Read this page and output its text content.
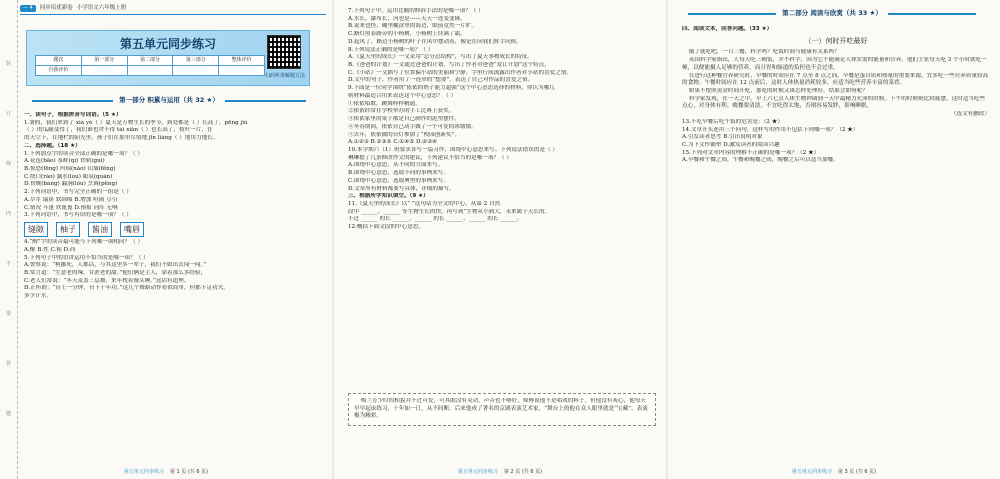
装
订
线
内
不
要
答
题
— 4	同步培优新卷 小学语文六年级上册
第五单元同步练习
题次	第一部分	第二部分	第三部分	整体评价
自我评价				
扫码听讲解题方法
第一部分 积累与运用（共 32 ★）

一、读句子，根据拼音写词语。（5 ★）

1.暑假，我们来到了 xià yè（ ）夏天是万物生长的季节，到处都是（ ）长高了，pēng jiù

（ ）的瓜藤变得了，我们谁也舍不得 tài xiǎn（ ）也长高了，枝叶一片，在

的天空下，在地栏的阳光里，孩子们在那里尽情地 jīn liàng（ ）地用力地长。

二、选择题。（18 ★）

1.下列加点字的读音全部正确的是哪一项？（ ）

A.花苞(bāo) 茶畦(qí) 铁轨(guǐ)

B.惊恐(fēng) 玛瑙(nǎo) 山墙(fēng)

C.绕口(rǎo) 露水(lòu) 眼泉(quán)

D.傍晚(bàng) 漏洞(lòu) 烹调(pēng)

2.下列词语中，书写完全正确的一组是（ ）

A.草萃 瑞鼻 软绵绵 B.增加 喧闹 豆引

C.情况 斗蓬 铁篦篦 D.预报 词库 无响

3.下列词语中，书写有误的是哪一项？（ ）

缝隙	柚子	酱油	嘴唇

4.“醒”字的读音最可能与下列哪一项相同？（ ）

A.醒 B.性 C.猩 D.西

5.下列句子中的语讲运用不恰当的是哪一项？（ ）

A.警察说：“柯挪死，人都活，与其这里多一辈子，我们不如出去闯一闯。”

B.常言道：“生意老的辣，甘蔗老的甜。”他们俩是主人，靠着那么多经验，

C.老人们常说：“冬天麦盖三层被，来年枕着馒头睡。”这话有道理。

D.正所谓：“台上一分钟，台下十年功。”这几个舞蹈动作看似简单，但都下足功夫，

多少汗水。

第五单元同步练习 第 1 页 (共 6 页)

7.下列句子中，运用比喻的修辞手法的是哪一项？（ ）

A.水长，瀑布长，河也是——天天一连变变隆。

B.说来也怪，糊里糊涂里的海边，眼前竟然一片旷。

C.路灯照着路旁的小杨树，小杨树上挂满了霜。

D.起风了，路边小杨树的叶子在风中摆动着，像是在向我们挥手问候。

8.下列说法正确的是哪一项？（ ）

A.《夏天里的成长》一文采用“总分总结构”，写出了夏天事物成长的特征。

B.《爸爸的计划》一文通过爸爸的计划，写出了作者对爸爸“爱订计划”这个特点。

C.《小站》一文描写了位置偏小站的美丽和宁静，字里行间流露出作者对小站的喜爱之情。

D.文中的句子，作者用了一连串的“想要”，表达了自己对作品的喜爱之情。

9.下面是一位同学围绕“依依的奶子能力超强”这个中心意思选择的材料，你认为哪几

则材料最适合用来表达这个中心意思？（ ）

①依依唱歌，跳舞样样精通。

②依依经常在学校举办的手工比赛上获奖。

③依依家里的桌子都是自己制作的泥塑摆件。

④冬春期间，依依自己动手做了一个可爱的冰墩墩。

⑤去年，依依做的台灯参加了“校园创新奖”。

A.①②③ B.②③⑤ C.①④⑤ D.②③④

10.本学期六（1）班要求各写一篇习作，围绕中心意思来写。下列说法错误的是（ ）

琳琳提了几条修改作文的建议，下列建议不恰当的是哪一项？（ ）

A.围绕中心意思，从不同的方面来写。

B.围绕中心意思，选取不同的事例来写。

C.围绕中心意思，选取典型的事例来写。

D.文章所有材料都要写具体，详细的描写。

三、根据所学知识填空。（9 ★）

11.《夏天里的成长》以“ ”这句话为全文的中心，从第 2 自然

段中 ______、______ 等生物生长的快，再写到“生物从小到大，永来属于天长的，

不过 ______ 的长 ______、______ 的长 ______、______ 的长 ______。

12.概括下面文段的中心意思。

梅兰芳少时的相貌并不过可爱，可其眼没有灵动，声音也不够好，师傅说他不是唱戏的料子。但他没有灰心，他每天早早起床练习，十年如一日，从不间断。后来他成了著名的京剧表演艺术家，“舞台上的他在众人眼里就是“宝藏”，表演极为精彩。

第五单元同步练习 第 2 页 (共 6 页)
第二部分 阅读与欣赏（共 33 ★）

四、阅读文本，回答问题。（33 ★）

（一）何时开吃最好

饿了就吃吧，一日三餐，科学吗？吃饭时间与健康有关系吗？

英国科学家指出，人每天吃三顿饭，并不科学，因为它不能满足人体实需的能量和营养。他们主张每天吃 3 个小时就吃一顿，以便能摄人足够的营养，而且胃和肠道的负担也不会过重。

在进行这种餐营养研究时，早餐的时间应在 7 点至 8 点之间。早餐是蛋白质和热量的重要来源，宜多吃一些营养质量较高的食物。午餐时间应在 12 点前后，这时人体热量消耗较多，应适当吃些营养丰富的菜肴。

如果不按照黄金时间开吃，那吃的时候又该怎样处理好，结果会如何呢？

科学家发现，在一天之中，早上六七点人体生物钟调到一天中最精力充沛的时候。下午的时候则比较疲惫，这时适当吃些点心，对身体有利。晚餐要清淡，不宜吃得太饱，否则容易发胖，影响睡眠。

（选文有删改）

13.不吃早餐后吃午饭的危害是：（2 ★）

14.文章开头连用三个问句，这样写的作用不包括下列哪一项？（2 ★）

A.引发读者思考 B.引出说明对象

C.为下文作铺垫 D.激发读者的阅读兴趣

15.下列对文章内容的理解不正确的是哪一项？（2 ★）

A.早餐和午餐之间，午餐和晚餐之间，晚餐之后可以适当加餐。

第五单元同步练习 第 3 页 (共 6 页)
